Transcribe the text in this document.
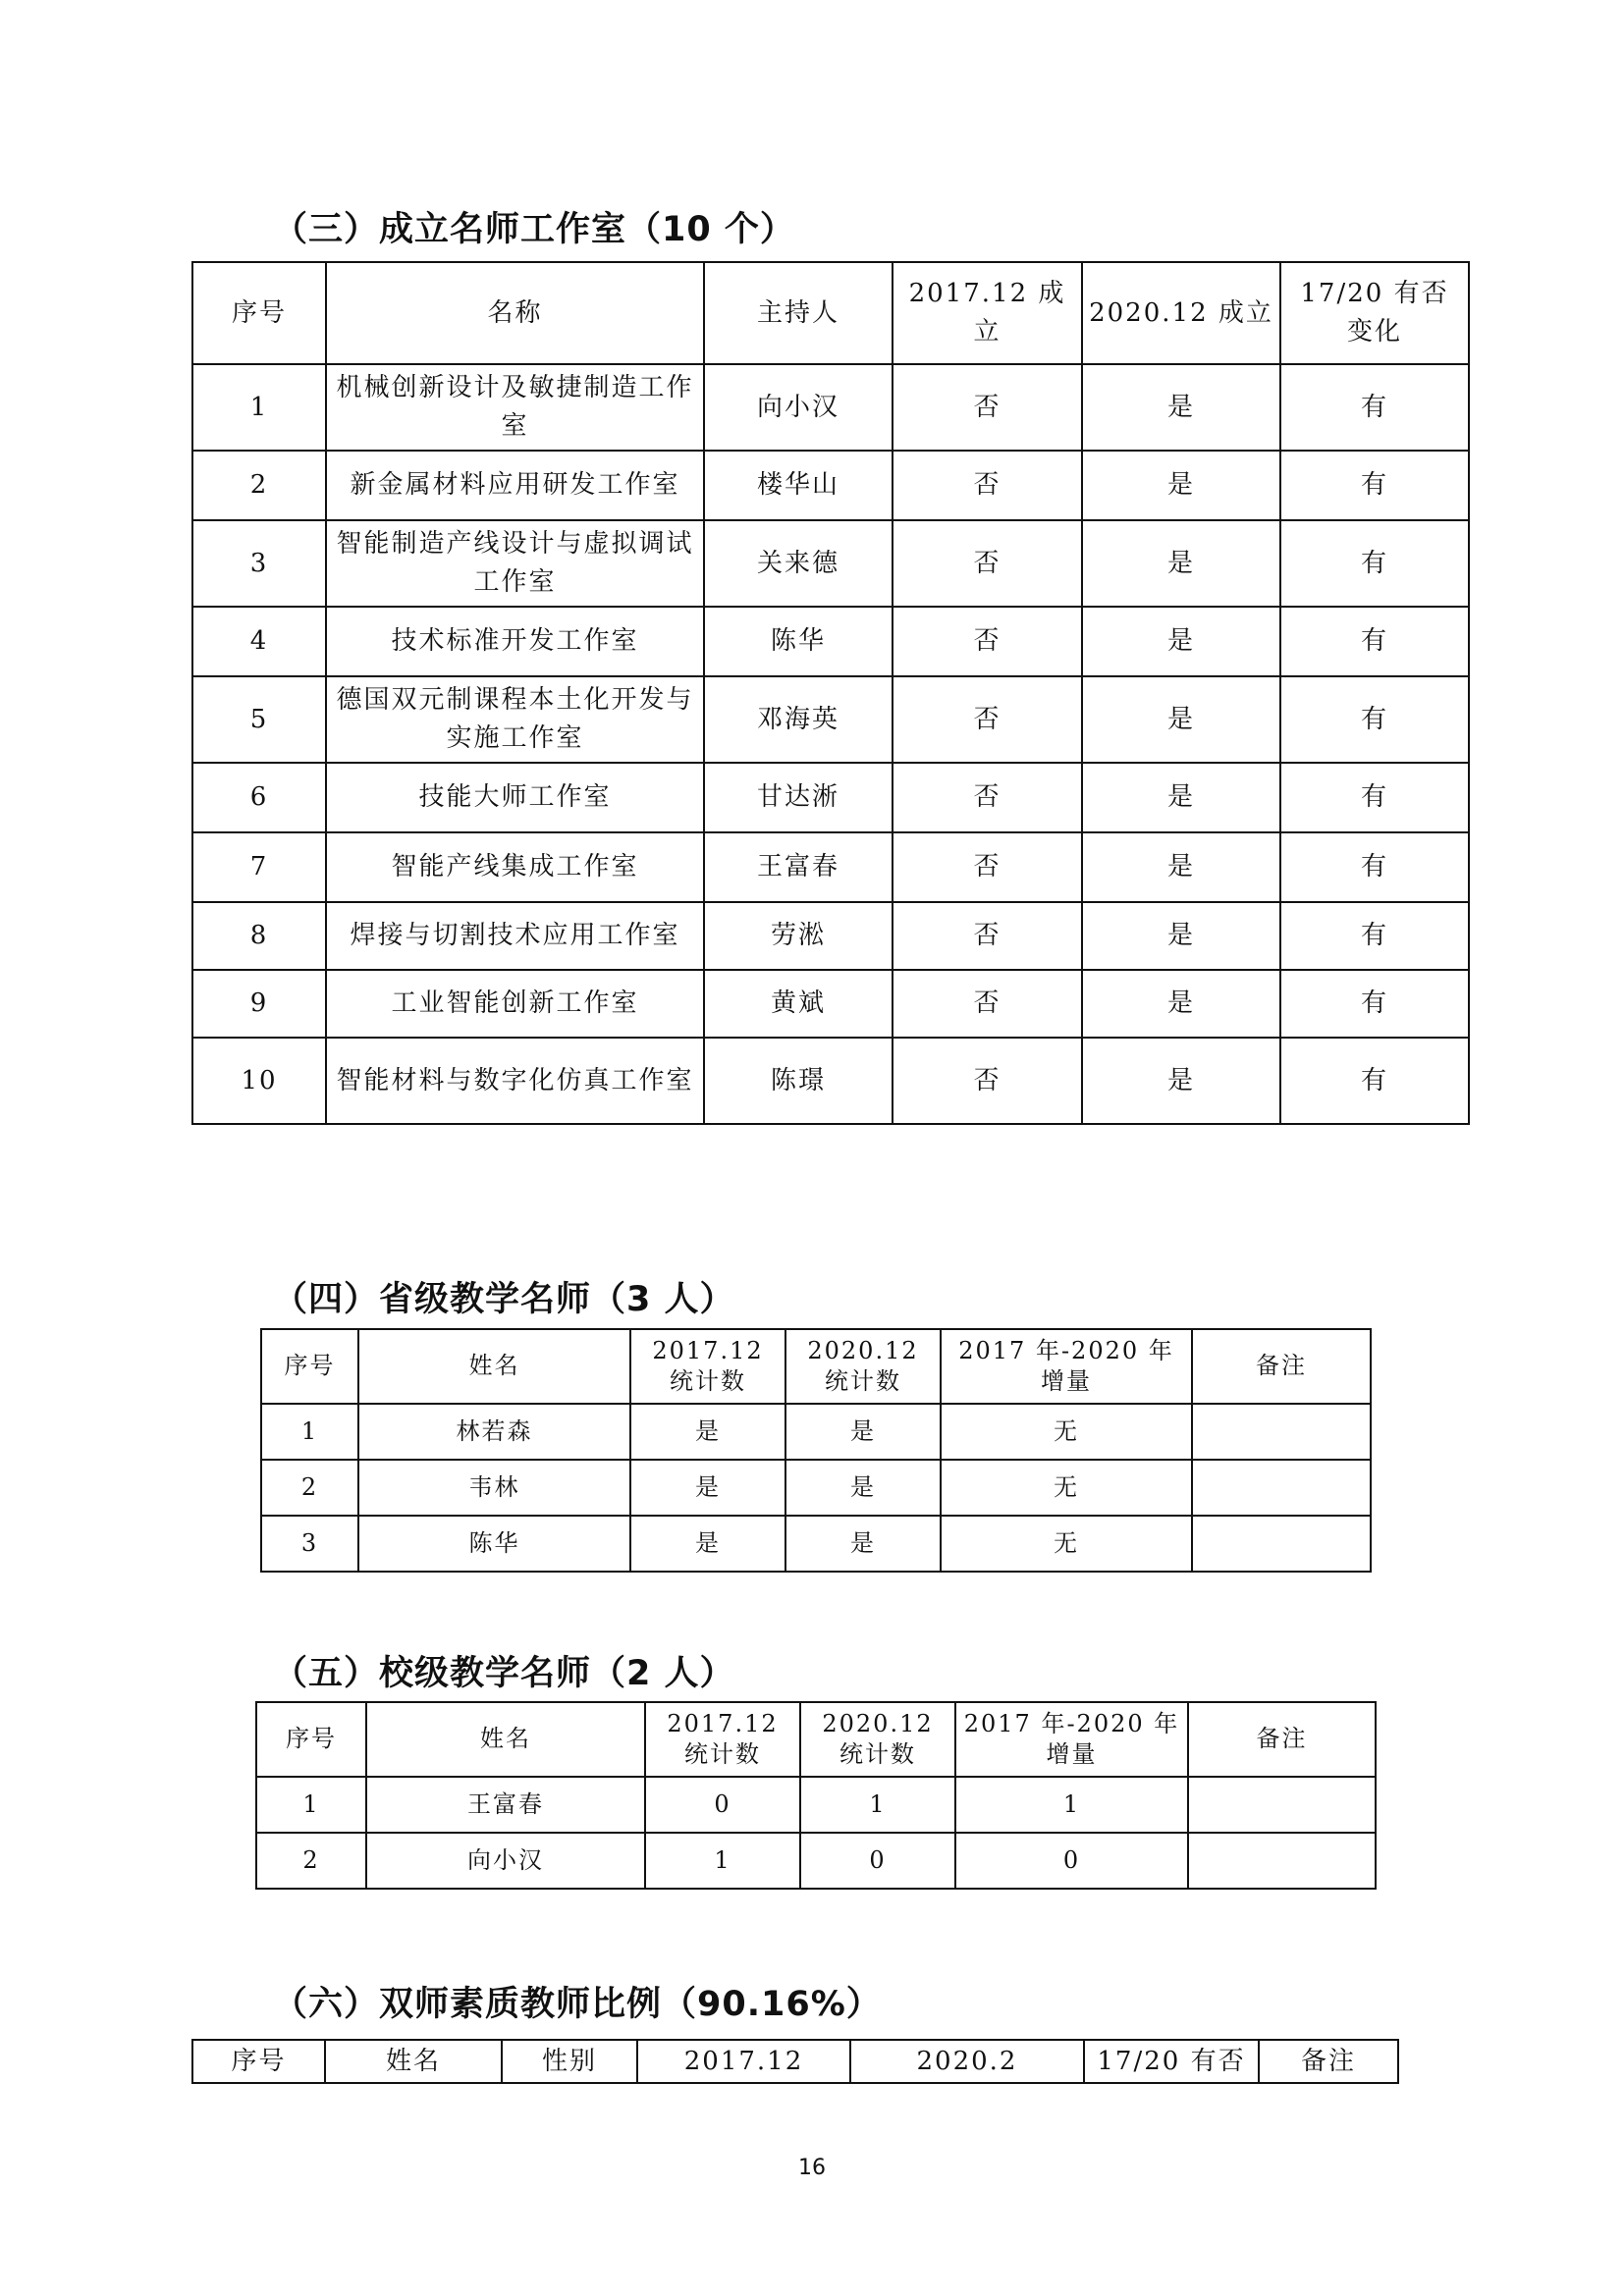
（三）成立名师工作室（10 个）
序号	名称	主持人	2017.12 成立	2020.12 成立	17/20 有否变化
1	机械创新设计及敏捷制造工作室	向小汉	否	是	有
2	新金属材料应用研发工作室	楼华山	否	是	有
3	智能制造产线设计与虚拟调试工作室	关来德	否	是	有
4	技术标准开发工作室	陈华	否	是	有
5	德国双元制课程本土化开发与实施工作室	邓海英	否	是	有
6	技能大师工作室	甘达淅	否	是	有
7	智能产线集成工作室	王富春	否	是	有
8	焊接与切割技术应用工作室	劳淞	否	是	有
9	工业智能创新工作室	黄斌	否	是	有
10	智能材料与数字化仿真工作室	陈璟	否	是	有
（四）省级教学名师（3 人）
序号	姓名	2017.12 统计数	2020.12 统计数	2017 年-2020 年增量	备注
1	林若森	是	是	无	
2	韦林	是	是	无	
3	陈华	是	是	无	
（五）校级教学名师（2 人）
序号	姓名	2017.12 统计数	2020.12 统计数	2017 年-2020 年增量	备注
1	王富春	0	1	1	
2	向小汉	1	0	0	
（六）双师素质教师比例（90.16%）
序号	姓名	性别	2017.12	2020.2	17/20 有否	备注
16
